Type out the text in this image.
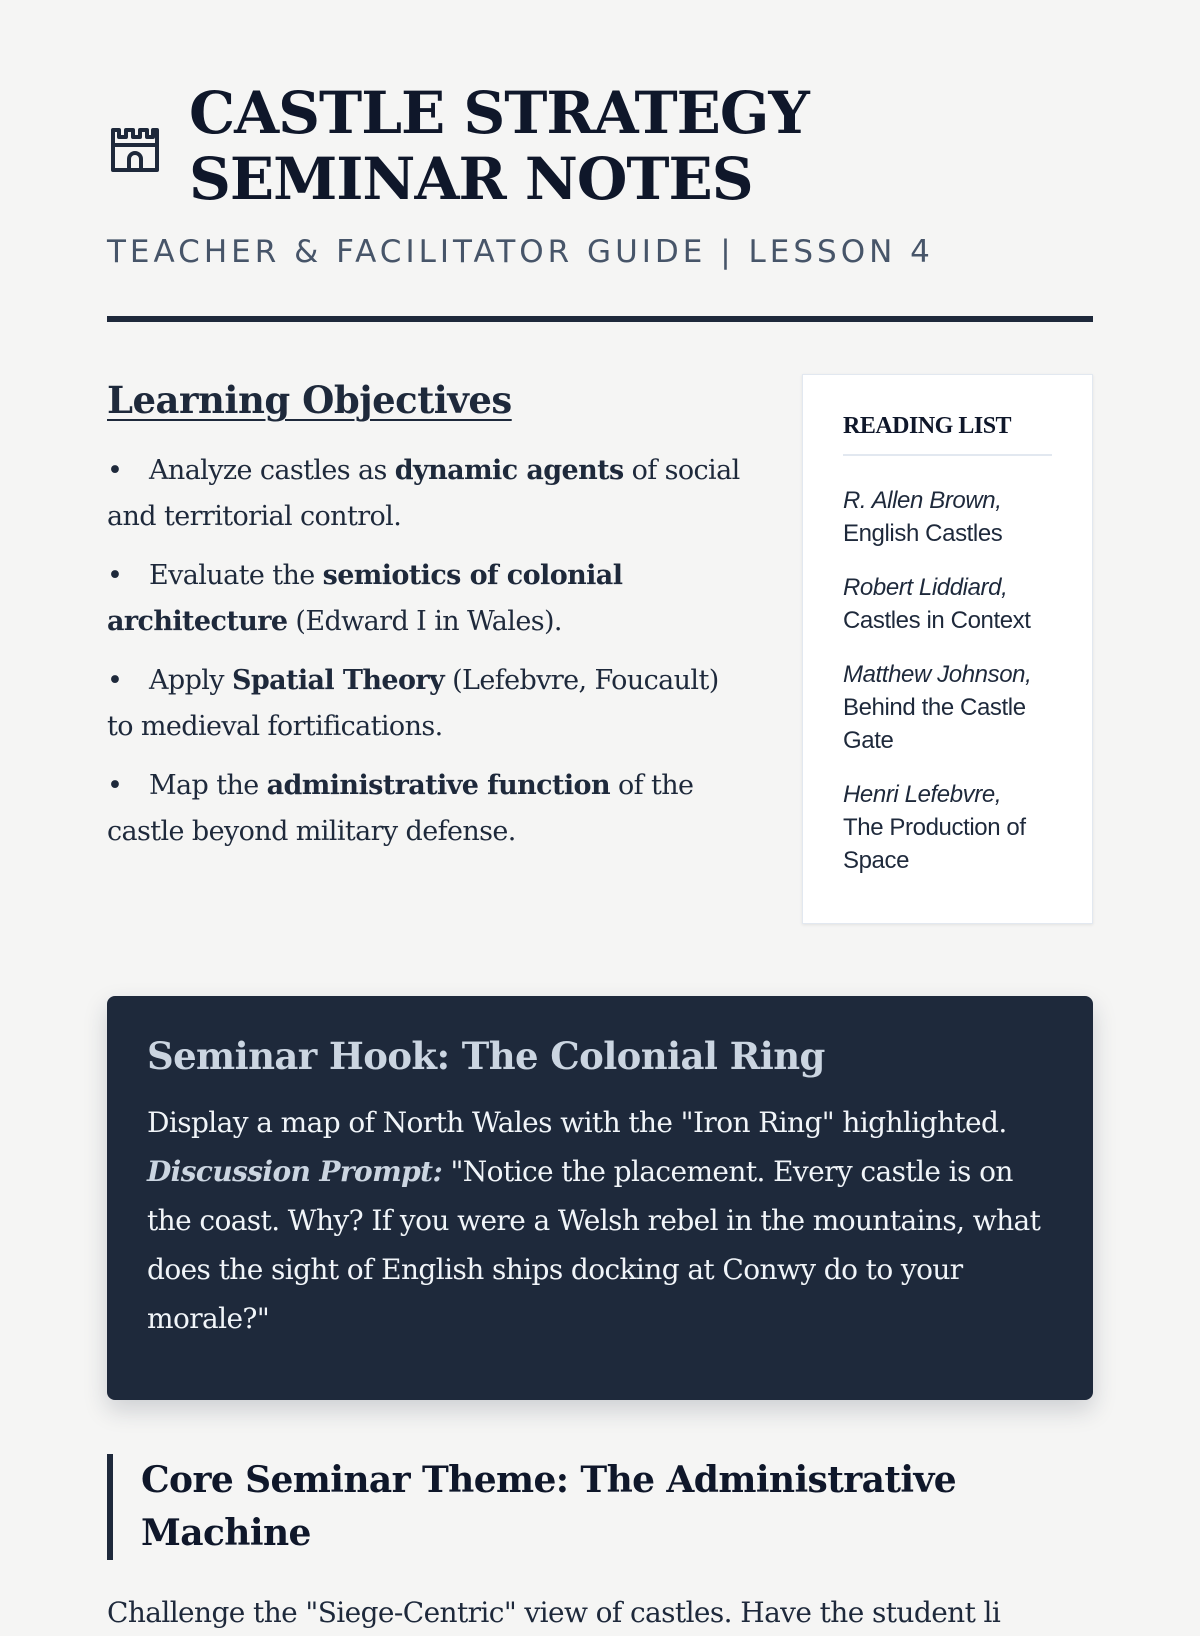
CASTLE STRATEGY SEMINAR NOTES
TEACHER & FACILITATOR GUIDE | LESSON 4
Learning Objectives
• Analyze castles as dynamic agents of social and territorial control.
• Evaluate the semiotics of colonial architecture (Edward I in Wales).
• Apply Spatial Theory (Lefebvre, Foucault) to medieval fortifications.
• Map the administrative function of the castle beyond military defense.
READING LIST
R. Allen Brown,
English Castles
Robert Liddiard,
Castles in Context
Matthew Johnson,
Behind the Castle Gate
Henri Lefebvre,
The Production of Space
Seminar Hook: The Colonial Ring
Display a map of North Wales with the "Iron Ring" highlighted.
Discussion Prompt: "Notice the placement. Every castle is on the coast. Why? If you were a Welsh rebel in the mountains, what does the sight of English ships docking at Conwy do to your morale?"
Core Seminar Theme: The Administrative Machine
Challenge the "Siege-Centric" view of castles. Have the student li
